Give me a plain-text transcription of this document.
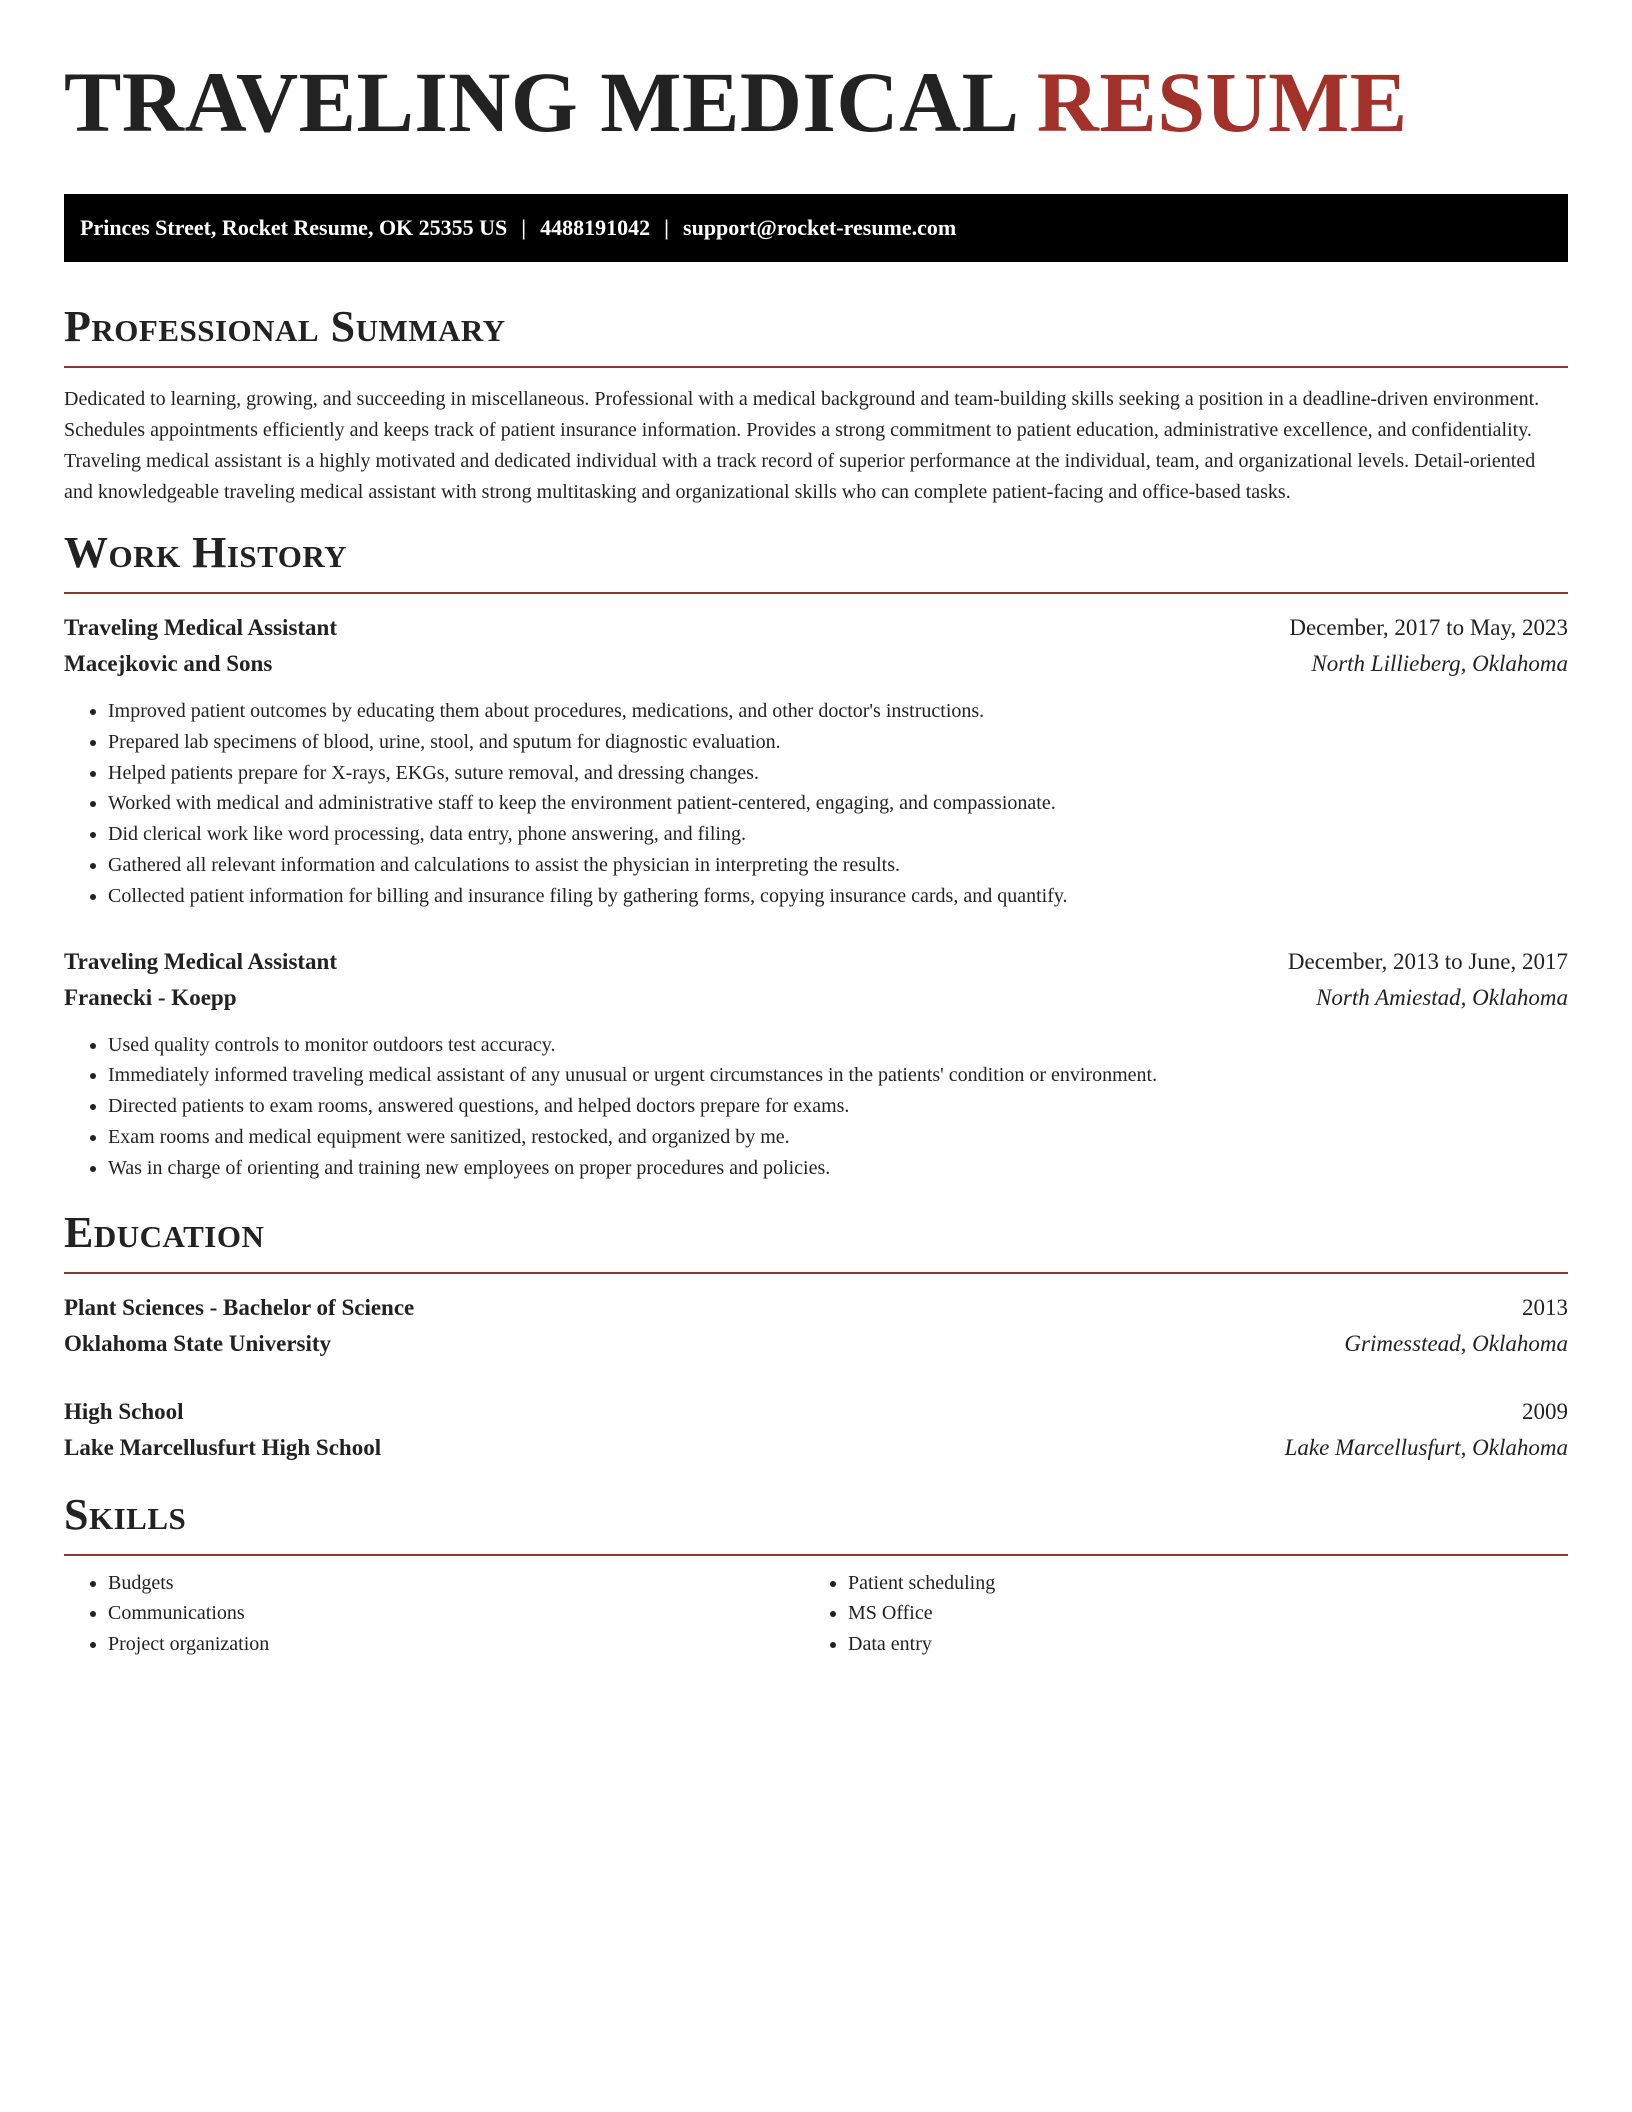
TRAVELING MEDICAL RESUME
Princes Street, Rocket Resume, OK 25355 US | 4488191042 | support@rocket-resume.com
Professional Summary

Dedicated to learning, growing, and succeeding in miscellaneous. Professional with a medical background and team-building skills seeking a position in a deadline-driven environment. Schedules appointments efficiently and keeps track of patient insurance information. Provides a strong commitment to patient education, administrative excellence, and confidentiality. Traveling medical assistant is a highly motivated and dedicated individual with a track record of superior performance at the individual, team, and organizational levels. Detail-oriented and knowledgeable traveling medical assistant with strong multitasking and organizational skills who can complete patient-facing and office-based tasks.

Work History
Traveling Medical Assistant	December, 2017 to May, 2023
Macejkovic and Sons	North Lillieberg, Oklahoma
• Improved patient outcomes by educating them about procedures, medications, and other doctor's instructions.
• Prepared lab specimens of blood, urine, stool, and sputum for diagnostic evaluation.
• Helped patients prepare for X-rays, EKGs, suture removal, and dressing changes.
• Worked with medical and administrative staff to keep the environment patient-centered, engaging, and compassionate.
• Did clerical work like word processing, data entry, phone answering, and filing.
• Gathered all relevant information and calculations to assist the physician in interpreting the results.
• Collected patient information for billing and insurance filing by gathering forms, copying insurance cards, and quantify.
Traveling Medical Assistant	December, 2013 to June, 2017
Franecki - Koepp	North Amiestad, Oklahoma
• Used quality controls to monitor outdoors test accuracy.
• Immediately informed traveling medical assistant of any unusual or urgent circumstances in the patients' condition or environment.
• Directed patients to exam rooms, answered questions, and helped doctors prepare for exams.
• Exam rooms and medical equipment were sanitized, restocked, and organized by me.
• Was in charge of orienting and training new employees on proper procedures and policies.
Education
Plant Sciences - Bachelor of Science	2013
Oklahoma State University	Grimesstead, Oklahoma
High School	2009
Lake Marcellusfurt High School	Lake Marcellusfurt, Oklahoma
Skills
• Budgets
• Communications
• Project organization
• Patient scheduling
• MS Office
• Data entry
